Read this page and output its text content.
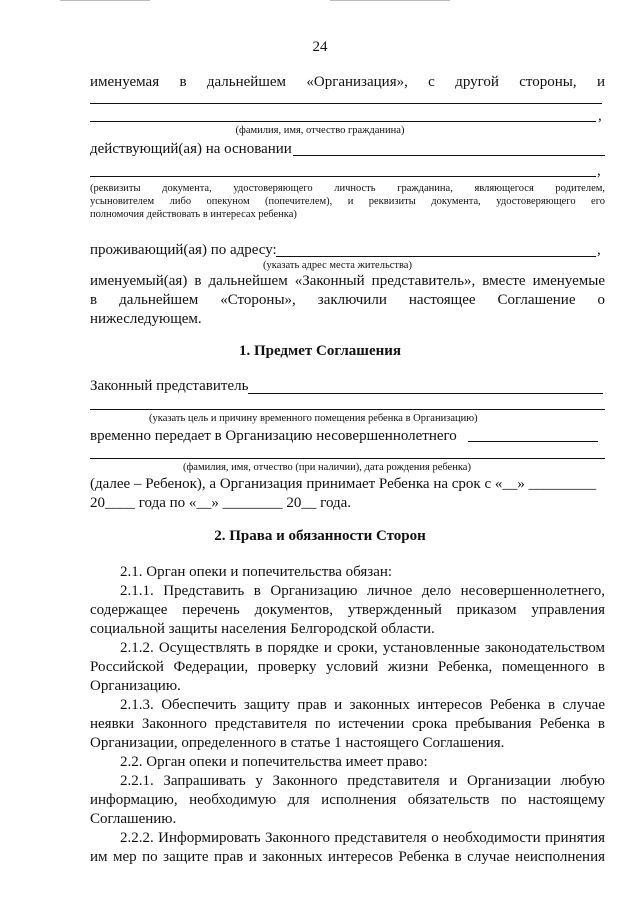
24
именуемая в дальнейшем «Организация», с другой стороны, и
,
(фамилия, имя, отчество гражданина)
действующий(ая) на основании
,
(реквизиты документа, удостоверяющего личность гражданина, являющегося родителем,
усыновителем либо опекуном (попечителем), и реквизиты документа, удостоверяющего его
полномочия действовать в интересах ребенка)
проживающий(ая) по адресу:	,
(указать адрес места жительства)
именуемый(ая) в дальнейшем «Законный представитель», вместе именуемые
в дальнейшем «Стороны», заключили настоящее Соглашение о
нижеследующем.
1. Предмет Соглашения
Законный представитель
(указать цель и причину временного помещения ребенка в Организацию)
временно передает в Организацию несовершеннолетнего
(фамилия, имя, отчество (при наличии), дата рождения ребенка)
(далее – Ребенок), а Организация принимает Ребенка на срок с «__» _________
20____ года по «__» ________ 20__ года.
2. Права и обязанности Сторон
2.1. Орган опеки и попечительства обязан:
2.1.1. Представить в Организацию личное дело несовершеннолетнего,
содержащее перечень документов, утвержденный приказом управления
социальной защиты населения Белгородской области.
2.1.2. Осуществлять в порядке и сроки, установленные законодательством
Российской Федерации, проверку условий жизни Ребенка, помещенного в
Организацию.
2.1.3. Обеспечить защиту прав и законных интересов Ребенка в случае
неявки Законного представителя по истечении срока пребывания Ребенка в
Организации, определенного в статье 1 настоящего Соглашения.
2.2. Орган опеки и попечительства имеет право:
2.2.1. Запрашивать у Законного представителя и Организации любую
информацию, необходимую для исполнения обязательств по настоящему
Соглашению.
2.2.2. Информировать Законного представителя о необходимости принятия
им мер по защите прав и законных интересов Ребенка в случае неисполнения
